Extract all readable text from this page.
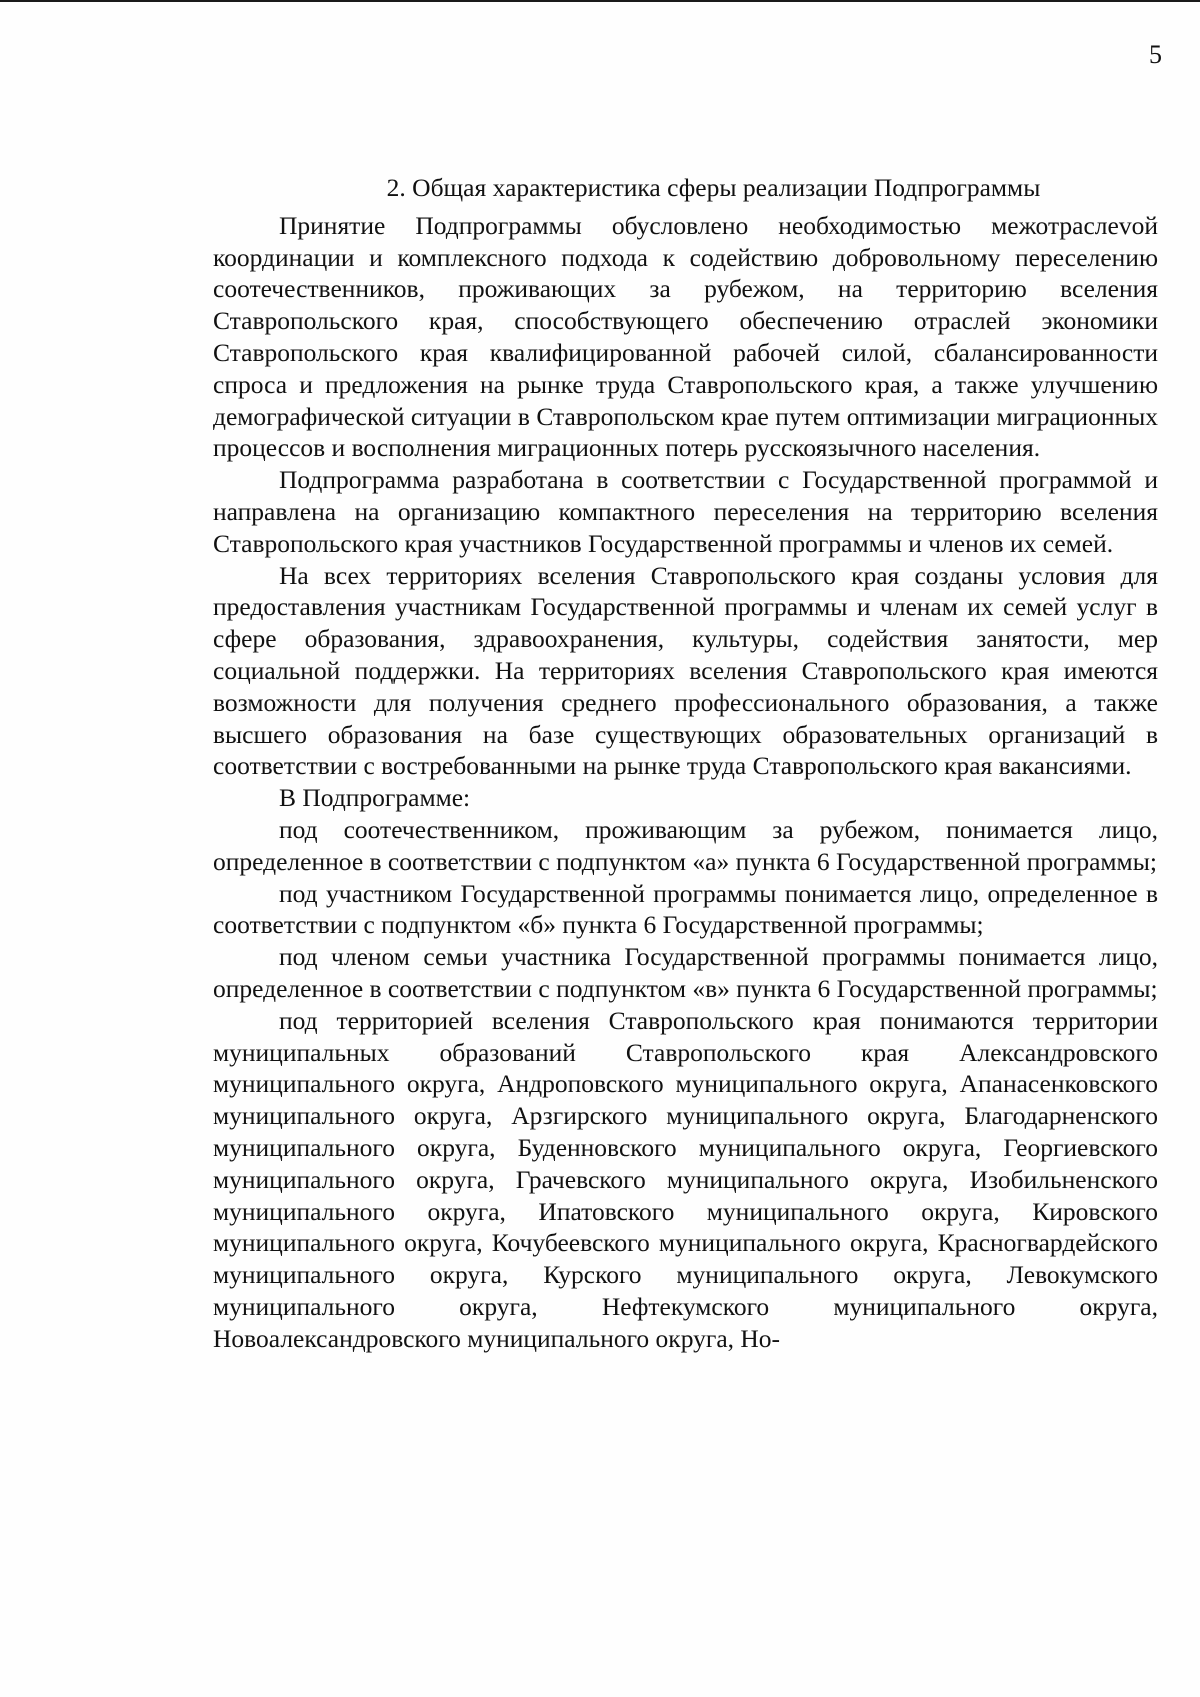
5
2. Общая характеристика сферы реализации Подпрограммы

Принятие Подпрограммы обусловлено необходимостью межотраслеvой координации и комплексного подхода к содействию добровольному переселению соотечественников, проживающих за рубежом, на территорию вселения Ставропольского края, способствующего обеспечению отраслей экономики Ставропольского края квалифицированной рабочей силой, сбалансированности спроса и предложения на рынке труда Ставропольского края, а также улучшению демографической ситуации в Ставропольском крае путем оптимизации миграционных процессов и восполнения миграционных потерь русскоязычного населения.

Подпрограмма разработана в соответствии с Государственной программой и направлена на организацию компактного переселения на территорию вселения Ставропольского края участников Государственной программы и членов их семей.

На всех территориях вселения Ставропольского края созданы условия для предоставления участникам Государственной программы и членам их семей услуг в сфере образования, здравоохранения, культуры, содействия занятости, мер социальной поддержки. На территориях вселения Ставропольского края имеются возможности для получения среднего профессионального образования, а также высшего образования на базе существующих образовательных организаций в соответствии с востребованными на рынке труда Ставропольского края вакансиями.

В Подпрограмме:

под соотечественником, проживающим за рубежом, понимается лицо, определенное в соответствии с подпунктом «а» пункта 6 Государственной программы;

под участником Государственной программы понимается лицо, определенное в соответствии с подпунктом «б» пункта 6 Государственной программы;

под членом семьи участника Государственной программы понимается лицо, определенное в соответствии с подпунктом «в» пункта 6 Государственной программы;

под территорией вселения Ставропольского края понимаются территории муниципальных образований Ставропольского края Александровского муниципального округа, Андроповского муниципального округа, Апанасенковского муниципального округа, Арзгирского муниципального округа, Благодарненского муниципального округа, Буденновского муниципального округа, Георгиевского муниципального округа, Грачевского муниципального округа, Изобильненского муниципального округа, Ипатовского муниципального округа, Кировского муниципального округа, Кочубеевского муниципального округа, Красногвардейского муниципального округа, Курского муниципального округа, Левокумского муниципального округа, Нефтекумского муниципального округа, Новоалександровского муниципального округа, Но-
